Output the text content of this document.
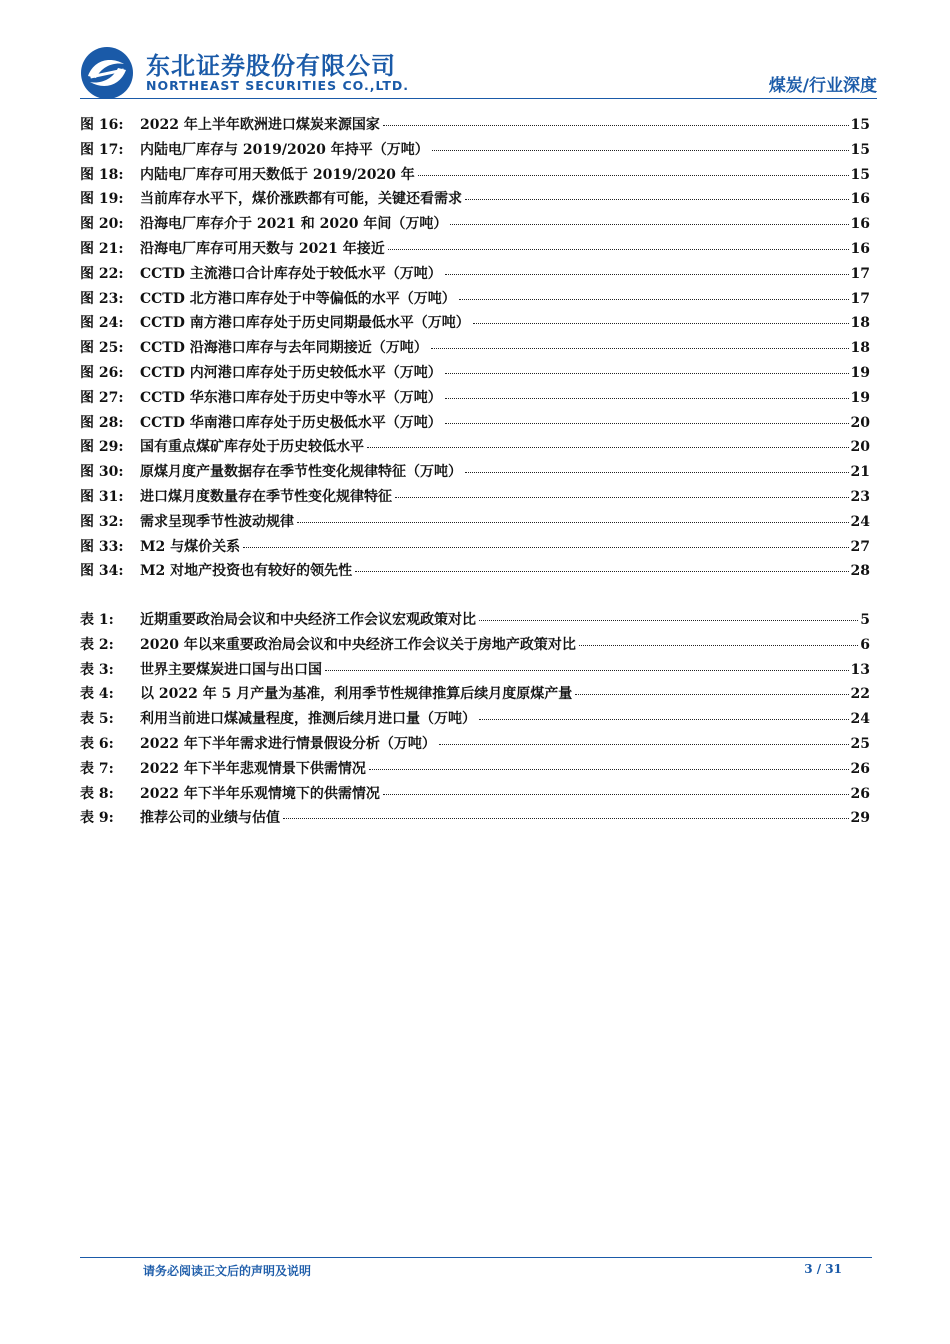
东北证券股份有限公司
NORTHEAST SECURITIES CO.,LTD.	煤炭/行业深度
图 16:	2022 年上半年欧洲进口煤炭来源国家	15
图 17:	内陆电厂库存与 2019/2020 年持平（万吨）	15
图 18:	内陆电厂库存可用天数低于 2019/2020 年	15
图 19:	当前库存水平下，煤价涨跌都有可能，关键还看需求	16
图 20:	沿海电厂库存介于 2021 和 2020 年间（万吨）	16
图 21:	沿海电厂库存可用天数与 2021 年接近	16
图 22:	CCTD 主流港口合计库存处于较低水平（万吨）	17
图 23:	CCTD 北方港口库存处于中等偏低的水平（万吨）	17
图 24:	CCTD 南方港口库存处于历史同期最低水平（万吨）	18
图 25:	CCTD 沿海港口库存与去年同期接近（万吨）	18
图 26:	CCTD 内河港口库存处于历史较低水平（万吨）	19
图 27:	CCTD 华东港口库存处于历史中等水平（万吨）	19
图 28:	CCTD 华南港口库存处于历史极低水平（万吨）	20
图 29:	国有重点煤矿库存处于历史较低水平	20
图 30:	原煤月度产量数据存在季节性变化规律特征（万吨）	21
图 31:	进口煤月度数量存在季节性变化规律特征	23
图 32:	需求呈现季节性波动规律	24
图 33:	M2 与煤价关系	27
图 34:	M2 对地产投资也有较好的领先性	28
表 1:	近期重要政治局会议和中央经济工作会议宏观政策对比	5
表 2:	2020 年以来重要政治局会议和中央经济工作会议关于房地产政策对比	6
表 3:	世界主要煤炭进口国与出口国	13
表 4:	以 2022 年 5 月产量为基准，利用季节性规律推算后续月度原煤产量	22
表 5:	利用当前进口煤减量程度，推测后续月进口量（万吨）	24
表 6:	2022 年下半年需求进行情景假设分析（万吨）	25
表 7:	2022 年下半年悲观情景下供需情况	26
表 8:	2022 年下半年乐观情境下的供需情况	26
表 9:	推荐公司的业绩与估值	29
请务必阅读正文后的声明及说明	3 / 31
